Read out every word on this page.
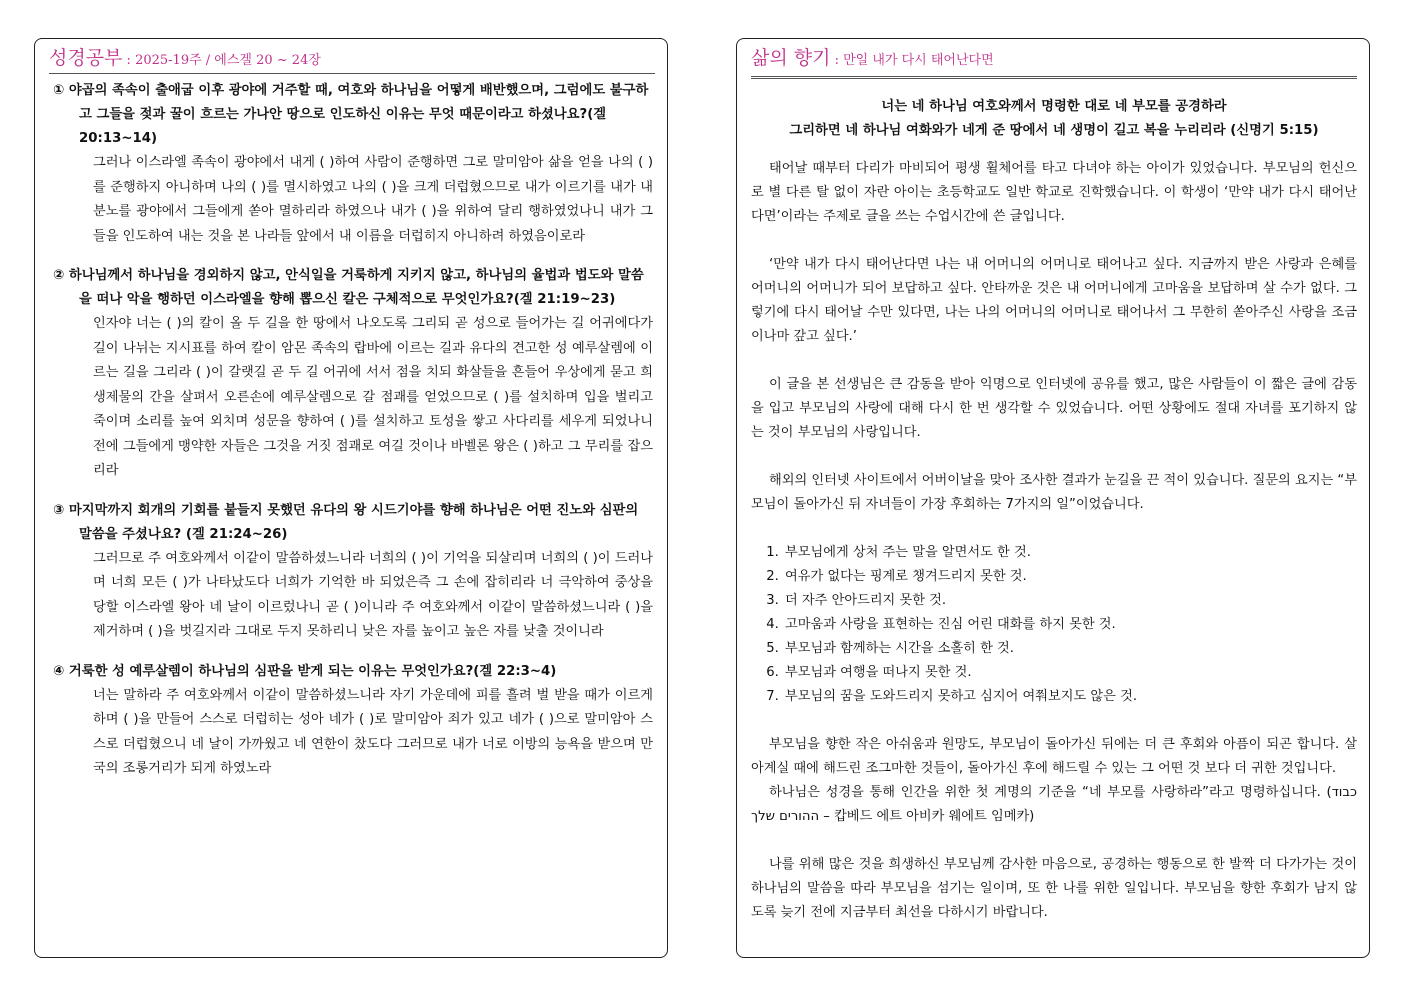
성경공부 : 2025-19주 / 에스겔 20 ~ 24장
① 야곱의 족속이 출애굽 이후 광야에 거주할 때, 여호와 하나님을 어떻게 배반했으며, 그럼에도 불구하고 그들을 젖과 꿀이 흐르는 가나안 땅으로 인도하신 이유는 무엇 때문이라고 하셨나요?(겔 20:13~14)
그러나 이스라엘 족속이 광야에서 내게 ( )하여 사람이 준행하면 그로 말미암아 삶을 얻을 나의 ( )를 준행하지 아니하며 나의 ( )를 멸시하였고 나의 ( )을 크게 더럽혔으므로 내가 이르기를 내가 내 분노를 광야에서 그들에게 쏟아 멸하리라 하였으나 내가 ( )을 위하여 달리 행하였었나니 내가 그들을 인도하여 내는 것을 본 나라들 앞에서 내 이름을 더럽히지 아니하려 하였음이로라
② 하나님께서 하나님을 경외하지 않고, 안식일을 거룩하게 지키지 않고, 하나님의 율법과 법도와 말씀을 떠나 악을 행하던 이스라엘을 향해 뽑으신 칼은 구체적으로 무엇인가요?(겔 21:19~23)
인자야 너는 ( )의 칼이 올 두 길을 한 땅에서 나오도록 그리되 곧 성으로 들어가는 길 어귀에다가 길이 나뉘는 지시표를 하여 칼이 암몬 족속의 랍바에 이르는 길과 유다의 견고한 성 예루살렘에 이르는 길을 그리라 ( )이 갈랫길 곧 두 길 어귀에 서서 점을 치되 화살들을 흔들어 우상에게 묻고 희생제물의 간을 살펴서 오른손에 예루살렘으로 갈 점괘를 얻었으므로 ( )를 설치하며 입을 벌리고 죽이며 소리를 높여 외치며 성문을 향하여 ( )를 설치하고 토성을 쌓고 사다리를 세우게 되었나니 전에 그들에게 맹약한 자들은 그것을 거짓 점괘로 여길 것이나 바벨론 왕은 ( )하고 그 무리를 잡으리라
③ 마지막까지 회개의 기회를 붙들지 못했던 유다의 왕 시드기야를 향해 하나님은 어떤 진노와 심판의 말씀을 주셨나요? (겔 21:24~26)
그러므로 주 여호와께서 이같이 말씀하셨느니라 너희의 ( )이 기억을 되살리며 너희의 ( )이 드러나며 너희 모든 ( )가 나타났도다 너희가 기억한 바 되었은즉 그 손에 잡히리라 너 극악하여 중상을 당할 이스라엘 왕아 네 날이 이르렀나니 곧 ( )이니라 주 여호와께서 이같이 말씀하셨느니라 ( )을 제거하며 ( )을 벗길지라 그대로 두지 못하리니 낮은 자를 높이고 높은 자를 낮출 것이니라
④ 거룩한 성 예루살렘이 하나님의 심판을 받게 되는 이유는 무엇인가요?(겔 22:3~4)
너는 말하라 주 여호와께서 이같이 말씀하셨느니라 자기 가운데에 피를 흘려 벌 받을 때가 이르게 하며 ( )을 만들어 스스로 더럽히는 성아 네가 ( )로 말미암아 죄가 있고 네가 ( )으로 말미암아 스스로 더럽혔으니 네 날이 가까웠고 네 연한이 찼도다 그러므로 내가 너로 이방의 능욕을 받으며 만국의 조롱거리가 되게 하였노라
삶의 향기 : 만일 내가 다시 태어난다면
너는 네 하나님 여호와께서 명령한 대로 네 부모를 공경하라
그리하면 네 하나님 여화와가 네게 준 땅에서 네 생명이 길고 복을 누리리라 (신명기 5:15)
태어날 때부터 다리가 마비되어 평생 휠체어를 타고 다녀야 하는 아이가 있었습니다. 부모님의 헌신으로 별 다른 탈 없이 자란 아이는 초등학교도 일반 학교로 진학했습니다. 이 학생이 ‘만약 내가 다시 태어난다면’이라는 주제로 글을 쓰는 수업시간에 쓴 글입니다.
‘만약 내가 다시 태어난다면 나는 내 어머니의 어머니로 태어나고 싶다. 지금까지 받은 사랑과 은혜를 어머니의 어머니가 되어 보답하고 싶다. 안타까운 것은 내 어머니에게 고마움을 보답하며 살 수가 없다. 그렇기에 다시 태어날 수만 있다면, 나는 나의 어머니의 어머니로 태어나서 그 무한히 쏟아주신 사랑을 조금이나마 갚고 싶다.’
이 글을 본 선생님은 큰 감동을 받아 익명으로 인터넷에 공유를 했고, 많은 사람들이 이 짧은 글에 감동을 입고 부모님의 사랑에 대해 다시 한 번 생각할 수 있었습니다. 어떤 상황에도 절대 자녀를 포기하지 않는 것이 부모님의 사랑입니다.
해외의 인터넷 사이트에서 어버이날을 맞아 조사한 결과가 눈길을 끈 적이 있습니다. 질문의 요지는 “부모님이 돌아가신 뒤 자녀들이 가장 후회하는 7가지의 일”이었습니다.
1. 부모님에게 상처 주는 말을 알면서도 한 것.
2. 여유가 없다는 핑계로 챙겨드리지 못한 것.
3. 더 자주 안아드리지 못한 것.
4. 고마움과 사랑을 표현하는 진심 어린 대화를 하지 못한 것.
5. 부모님과 함께하는 시간을 소홀히 한 것.
6. 부모님과 여행을 떠나지 못한 것.
7. 부모님의 꿈을 도와드리지 못하고 심지어 여쭤보지도 않은 것.
부모님을 향한 작은 아쉬움과 원망도, 부모님이 돌아가신 뒤에는 더 큰 후회와 아픔이 되곤 합니다. 살아계실 때에 해드린 조그마한 것들이, 돌아가신 후에 해드릴 수 있는 그 어떤 것 보다 더 귀한 것입니다.
하나님은 성경을 통해 인간을 위한 첫 계명의 기준을 “네 부모를 사랑하라”라고 명령하십니다. (כבוד ההורים שלך – 캅베드 에트 아비카 웨에트 임메카)
나를 위해 많은 것을 희생하신 부모님께 감사한 마음으로, 공경하는 행동으로 한 발짝 더 다가가는 것이 하나님의 말씀을 따라 부모님을 섬기는 일이며, 또 한 나를 위한 일입니다. 부모님을 향한 후회가 남지 않도록 늦기 전에 지금부터 최선을 다하시기 바랍니다.
